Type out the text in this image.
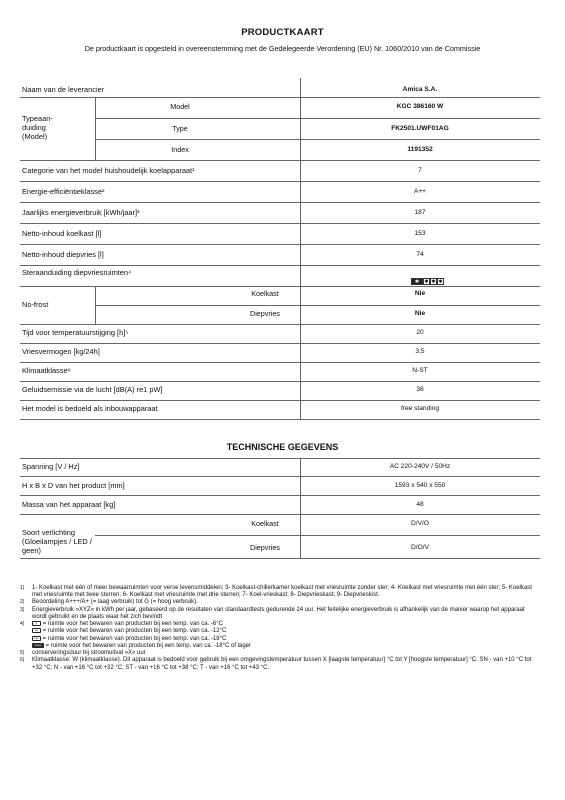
PRODUCTKAART
De productkaart is opgesteld in overeenstemming met de Gedelegeerde Verordening (EU) Nr. 1060/2010 van de Commissie
Naam van de leverancier	Amica S.A.
Typeaan-duiding (Model)
Model	KGC 386160 W
Type	FK2501.UWF01AG
Index	1191352
Categorie van het model huishoudelijk koelapparaat¹	7
Energie-efficiëntieklasse²	A++
Jaarlijks energieverbruik [kWh/jaar]³	187
Netto-inhoud koelkast [l]	153
Netto-inhoud diepvries [l]	74
Steraanduiding diepvriesruimten⁴
✱ ✱ ✱ ✱
No-frost
Koelkast	Nie
Diepvries	Nie
Tijd voor temperatuurstijging [h]⁵	20
Vriesvermogen [kg/24h]	3,5
Klimaatklasse⁶	N-ST
Geluidsemissie via de lucht [dB(A) re1 pW]	38
Het model is bedoeld als inbouwapparaat	free standing
TECHNISCHE GEGEVENS
Spanning [V / Hz]	AC 220-240V / 50Hz
H x B x D van het product [mm]	1593 x 540 x 550
Massa van het apparaat [kg]	48
Soort verlichting (Gloeilampjes / LED / geen)
Koelkast	D/V/O
Diepvries	D/O/V
1) 1- Koelkast met één of meer bewaarruimten voor verse levensmiddelen; 3- Koelkast-chillerkamer koelkast met vriesruimte zonder ster; 4- Koelkast met vriesruimte met één ster; 5- Koelkast met vriesruimte met twee sterren; 6- Koelkast met vriesruimte met drie sterren; 7- Koel-vrieskast; 8- Diepvrieskast; 9- Diepvrieskist.
2) Beoordeling A+++/A+ (= laag verbruik) tot G (= hoog verbruik).
3) Energieverbruik »XYZ« in kWh per jaar, gebaseerd op de resultaten van standaardtests gedurende 24 uur. Het feitelijke energieverbruik is afhankelijk van de manier waarop het apparaat wordt gebruikt en de plaats waar het zich bevindt
4)	* = ruimte voor het bewaren van producten bij een temp. van ca. -6°C
** = ruimte voor het bewaren van producten bij een temp. van ca. -12°C
*** = ruimte voor het bewaren van producten bij een temp. van ca. -18°C
**** = ruimte voor het bewaren van producten bij een temp. van ca. -18°C of lager
5) conserveringsduur bij stroomuitval »X« uur
6) Klimaatklasse: W (klimaatklasse). Dit apparaat is bedoeld voor gebruik bij een omgevingstemperatuur tussen X [laagste temperatuur] °C tot Y [hoogste temperatuur] °C. SN - van +10 °C tot +32 °C; N - van +16 °C tot +32 °C; ST - van +16 °C tot +38 °C; T - van +16 °C tot +43 °C.
